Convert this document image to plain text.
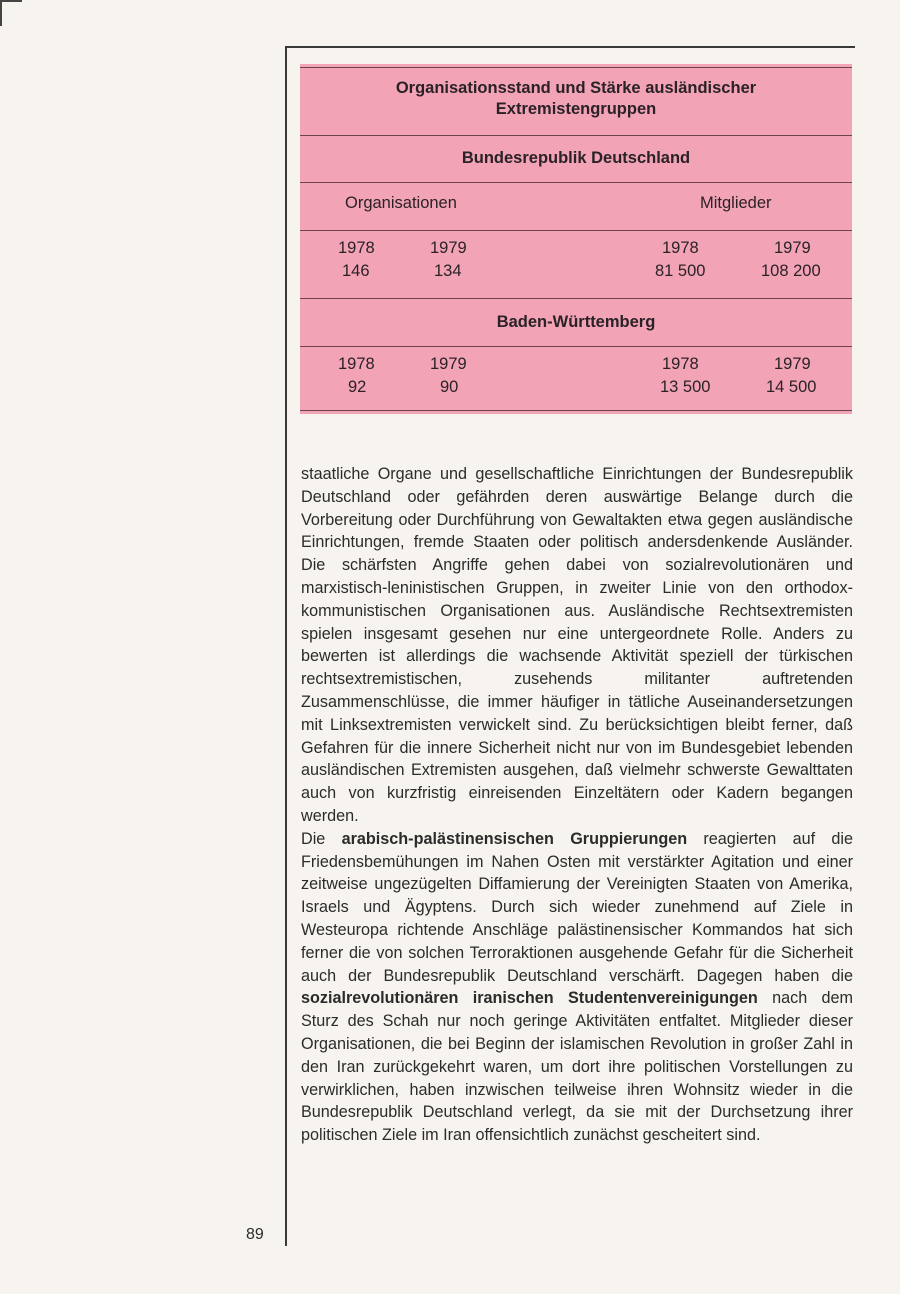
Organisationsstand und Stärke ausländischer
Extremistengruppen
Bundesrepublik Deutschland
Organisationen	Mitglieder
1978	1979	1978	1979
146	134	81 500	108 200
Baden-Württemberg
1978	1979	1978	1979
92	90	13 500	14 500

staatliche Organe und gesellschaftliche Einrichtungen der Bundesrepublik Deutschland oder gefährden deren auswärtige Belange durch die Vorbereitung oder Durchführung von Gewaltakten etwa gegen ausländische Einrichtungen, fremde Staaten oder politisch andersdenkende Ausländer. Die schärfsten Angriffe gehen dabei von sozialrevolutionären und marxistisch-leninistischen Gruppen, in zweiter Linie von den orthodox-kommunistischen Organisationen aus. Ausländische Rechtsextremisten spielen insgesamt gesehen nur eine untergeordnete Rolle. Anders zu bewerten ist allerdings die wachsende Aktivität speziell der türkischen rechtsextremistischen, zusehends militanter auftretenden Zusammenschlüsse, die immer häufiger in tätliche Auseinandersetzungen mit Linksextremisten verwickelt sind. Zu berücksichtigen bleibt ferner, daß Gefahren für die innere Sicherheit nicht nur von im Bundesgebiet lebenden ausländischen Extremisten ausgehen, daß vielmehr schwerste Gewalttaten auch von kurzfristig einreisenden Einzeltätern oder Kadern begangen werden.

Die arabisch-palästinensischen Gruppierungen reagierten auf die Friedensbemühungen im Nahen Osten mit verstärkter Agitation und einer zeitweise ungezügelten Diffamierung der Vereinigten Staaten von Amerika, Israels und Ägyptens. Durch sich wieder zunehmend auf Ziele in Westeuropa richtende Anschläge palästinensischer Kommandos hat sich ferner die von solchen Terroraktionen ausgehende Gefahr für die Sicherheit auch der Bundesrepublik Deutschland verschärft. Dagegen haben die sozialrevolutionären iranischen Studentenvereinigungen nach dem Sturz des Schah nur noch geringe Aktivitäten entfaltet. Mitglieder dieser Organisationen, die bei Beginn der islamischen Revolution in großer Zahl in den Iran zurückgekehrt waren, um dort ihre politischen Vorstellungen zu verwirklichen, haben inzwischen teilweise ihren Wohnsitz wieder in die Bundesrepublik Deutschland verlegt, da sie mit der Durchsetzung ihrer politischen Ziele im Iran offensichtlich zunächst gescheitert sind.

89
